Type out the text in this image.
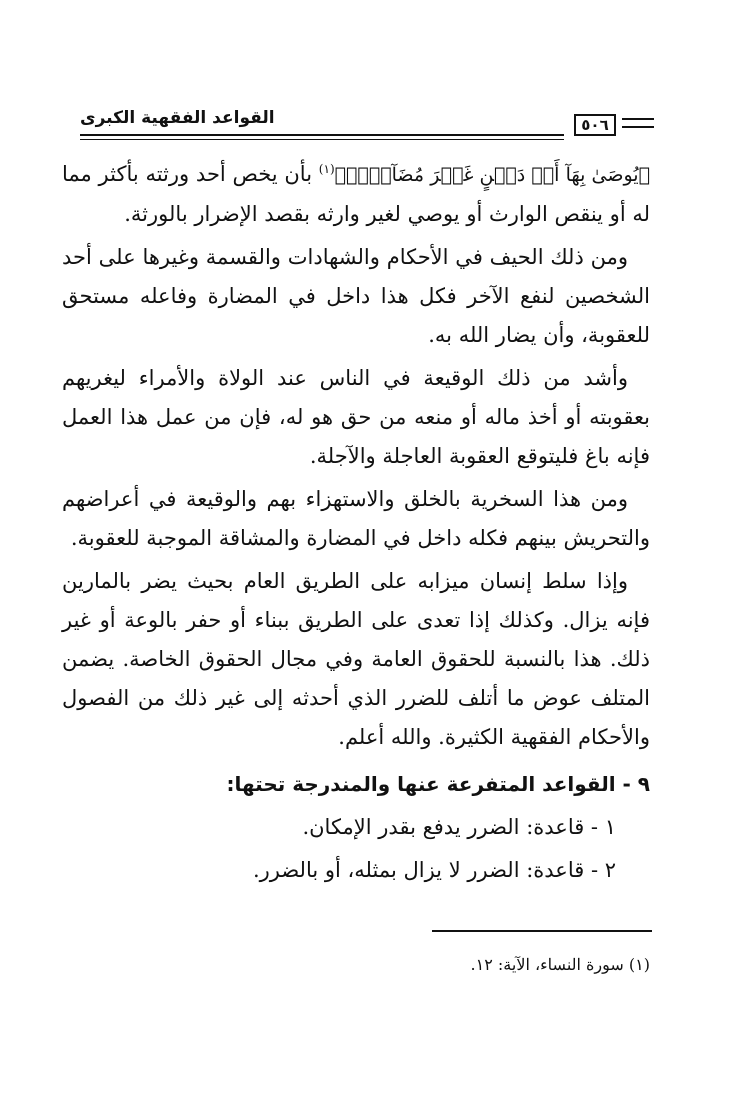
القواعد الفقهية الكبرى	٥٠٦

﴿يُوصَىٰ بِهَآ أَوۡ دَيۡنٍ غَيۡرَ مُضَآرّٖۚ﴾$^{(١)}$ بأن يخص أحد ورثته بأكثر مما له أو ينقص الوارث أو يوصي لغير وارثه بقصد الإضرار بالورثة.

ومن ذلك الحيف في الأحكام والشهادات والقسمة وغيرها على أحد الشخصين لنفع الآخر فكل هذا داخل في المضارة وفاعله مستحق للعقوبة، وأن يضار الله به.

وأشد من ذلك الوقيعة في الناس عند الولاة والأمراء ليغريهم بعقوبته أو أخذ ماله أو منعه من حق هو له، فإن من عمل هذا العمل فإنه باغ فليتوقع العقوبة العاجلة والآجلة.

ومن هذا السخرية بالخلق والاستهزاء بهم والوقيعة في أعراضهم والتحريش بينهم فكله داخل في المضارة والمشاقة الموجبة للعقوبة.

وإذا سلط إنسان ميزابه على الطريق العام بحيث يضر بالمارين فإنه يزال. وكذلك إذا تعدى على الطريق ببناء أو حفر بالوعة أو غير ذلك. هذا بالنسبة للحقوق العامة وفي مجال الحقوق الخاصة. يضمن المتلف عوض ما أتلف للضرر الذي أحدثه إلى غير ذلك من الفصول والأحكام الفقهية الكثيرة. والله أعلم.

٩ - القواعد المتفرعة عنها والمندرجة تحتها:

١ - قاعدة: الضرر يدفع بقدر الإمكان.

٢ - قاعدة: الضرر لا يزال بمثله، أو بالضرر.

(١) سورة النساء، الآية: ١٢.
